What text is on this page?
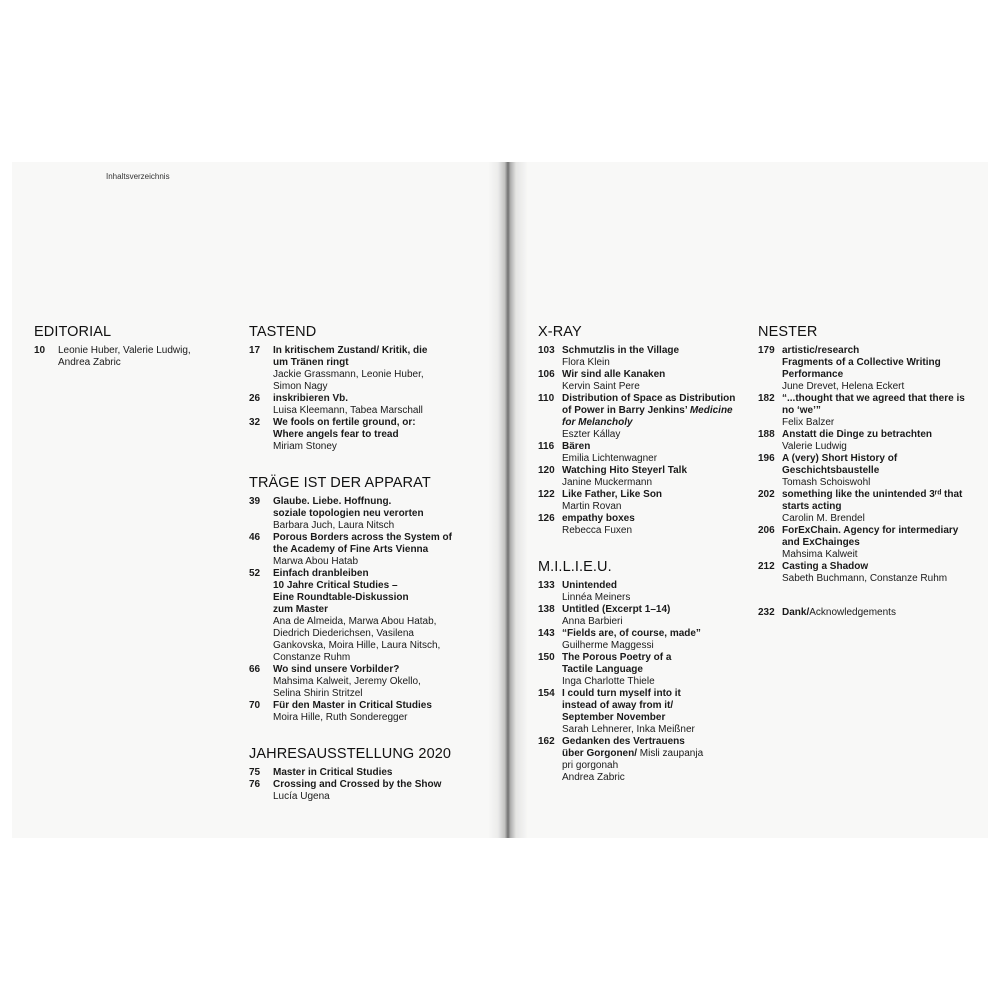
Inhaltsverzeichnis
EDITORIAL
10	Leonie Huber, Valerie Ludwig,
Andrea Zabric
TASTEND
17	In kritischem Zustand/ Kritik, die
um Tränen ringt
Jackie Grassmann, Leonie Huber,
Simon Nagy
26	inskribieren Vb.
Luisa Kleemann, Tabea Marschall
32	We fools on fertile ground, or:
Where angels fear to tread
Miriam Stoney
TRÄGE IST DER APPARAT
39	Glaube. Liebe. Hoffnung.
soziale topologien neu verorten
Barbara Juch, Laura Nitsch
46	Porous Borders across the System of
the Academy of Fine Arts Vienna
Marwa Abou Hatab
52	Einfach dranbleiben
10 Jahre Critical Studies –
Eine Roundtable-Diskussion
zum Master
Ana de Almeida, Marwa Abou Hatab,
Diedrich Diederichsen, Vasilena
Gankovska, Moira Hille, Laura Nitsch,
Constanze Ruhm
66	Wo sind unsere Vorbilder?
Mahsima Kalweit, Jeremy Okello,
Selina Shirin Stritzel
70	Für den Master in Critical Studies
Moira Hille, Ruth Sonderegger
JAHRESAUSSTELLUNG 2020
75	Master in Critical Studies
76	Crossing and Crossed by the Show
Lucía Ugena
X-RAY
103 Schmutzlis in the Village
Flora Klein
106 Wir sind alle Kanaken
Kervin Saint Pere
110 Distribution of Space as Distribution
of Power in Barry Jenkins’ Medicine
for Melancholy
Eszter Kállay
116 Bären
Emilia Lichtenwagner
120 Watching Hito Steyerl Talk
Janine Muckermann
122 Like Father, Like Son
Martin Rovan
126 empathy boxes
Rebecca Fuxen
M.I.L.I.E.U.
133 Unintended
Linnéa Meiners
138 Untitled (Excerpt 1–14)
Anna Barbieri
143 “Fields are, of course, made”
Guilherme Maggessi
150 The Porous Poetry of a
Tactile Language
Inga Charlotte Thiele
154 I could turn myself into it
instead of away from it/
September November
Sarah Lehnerer, Inka Meißner
162 Gedanken des Vertrauens
über Gorgonen/ Misli zaupanja
pri gorgonah
Andrea Zabric
NESTER
179 artistic/research
Fragments of a Collective Writing
Performance
June Drevet, Helena Eckert
182 “...thought that we agreed that there is
no ‘we’”
Felix Balzer
188 Anstatt die Dinge zu betrachten
Valerie Ludwig
196 A (very) Short History of
Geschichtsbaustelle
Tomash Schoiswohl
202 something like the unintended 3ʳᵈ that
starts acting
Carolin M. Brendel
206 ForExChain. Agency for intermediary
and ExChainges
Mahsima Kalweit
212 Casting a Shadow
Sabeth Buchmann, Constanze Ruhm
232 Dank/Acknowledgements
